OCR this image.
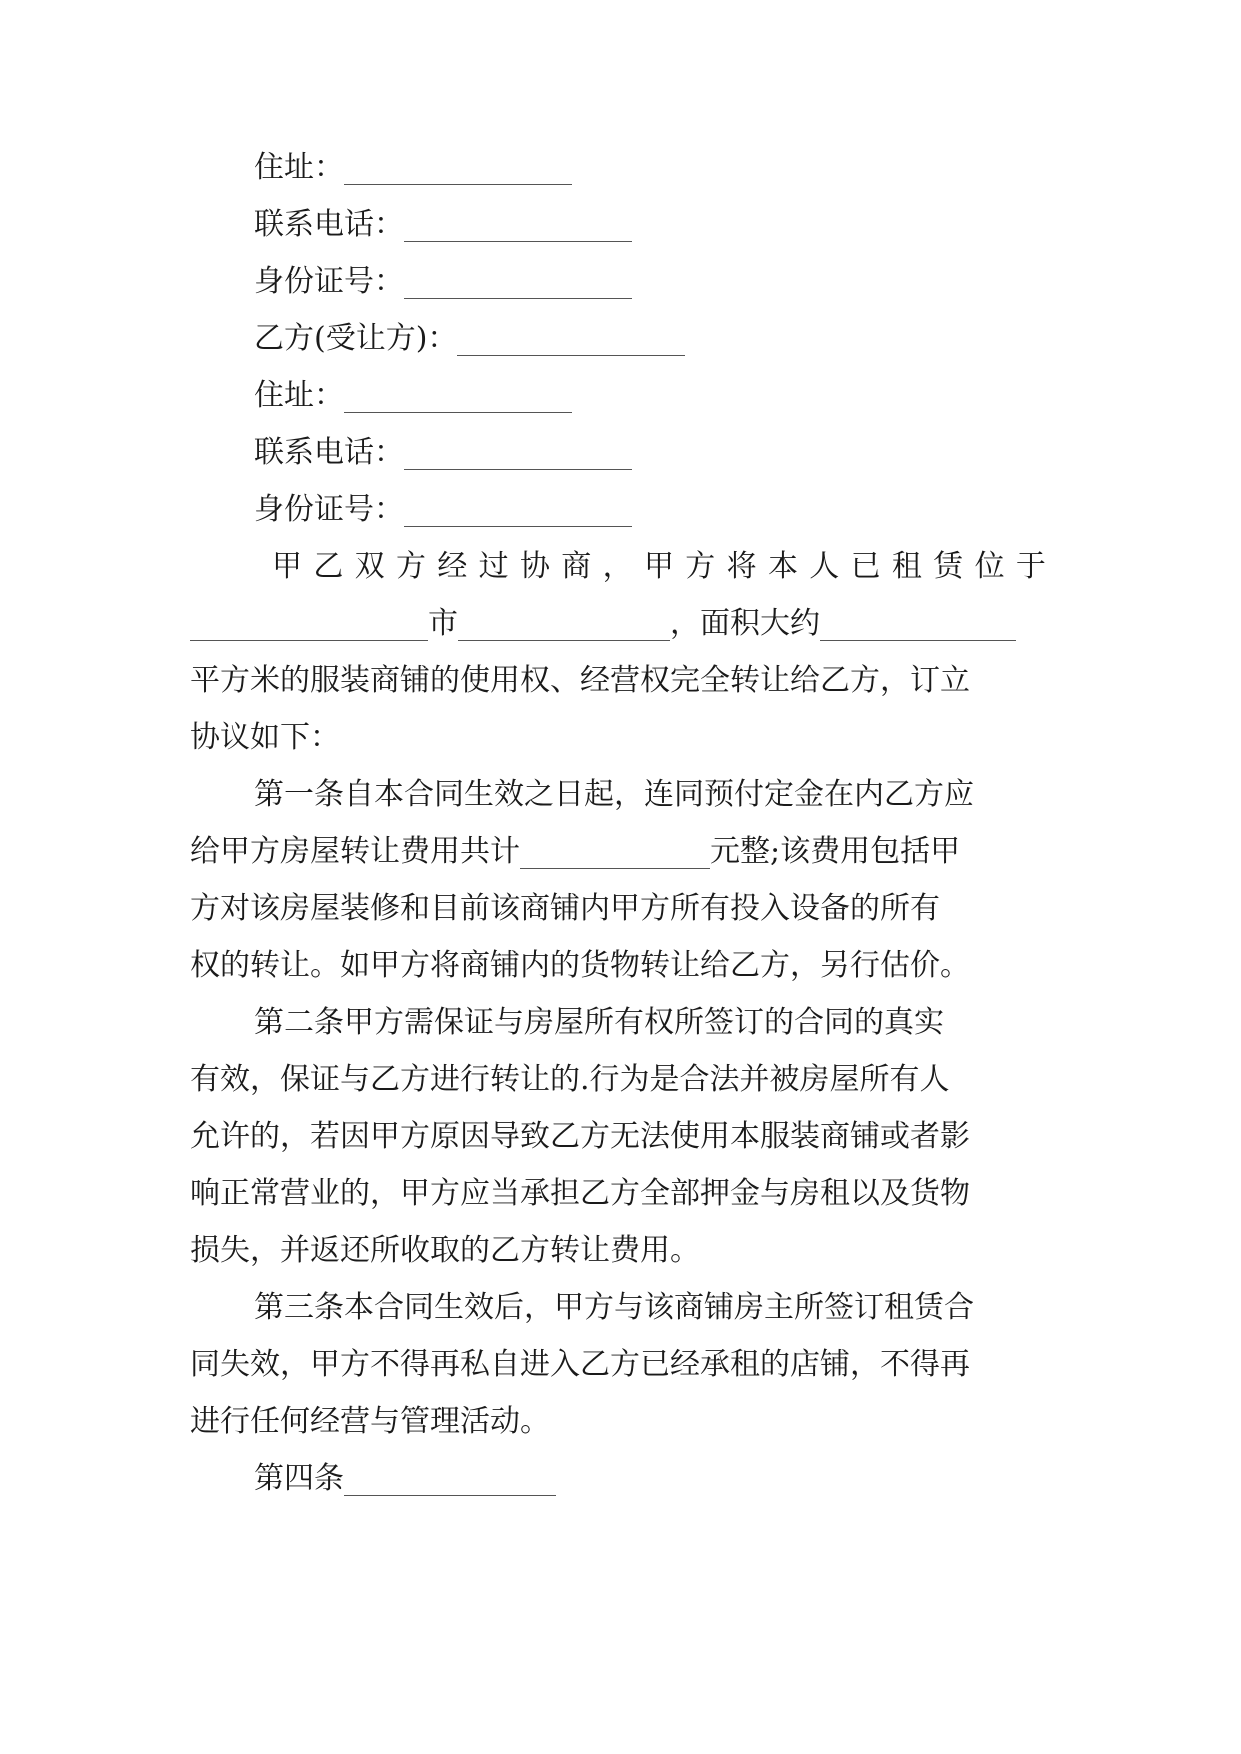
住址：
联系电话：
身份证号：
乙方(受让方)：
住址：
联系电话：
身份证号：
甲 乙 双 方 经 过 协 商 ， 甲 方 将 本 人 已 租 赁 位 于
市	，面积大约
平方米的服装商铺的使用权、经营权完全转让给乙方，订立
协议如下：
第一条自本合同生效之日起，连同预付定金在内乙方应
给甲方房屋转让费用共计	元整;该费用包括甲
方对该房屋装修和目前该商铺内甲方所有投入设备的所有
权的转让。如甲方将商铺内的货物转让给乙方，另行估价。
第二条甲方需保证与房屋所有权所签订的合同的真实
有效，保证与乙方进行转让的.行为是合法并被房屋所有人
允许的，若因甲方原因导致乙方无法使用本服装商铺或者影
响正常营业的，甲方应当承担乙方全部押金与房租以及货物
损失，并返还所收取的乙方转让费用。
第三条本合同生效后，甲方与该商铺房主所签订租赁合
同失效，甲方不得再私自进入乙方已经承租的店铺，不得再
进行任何经营与管理活动。
第四条
